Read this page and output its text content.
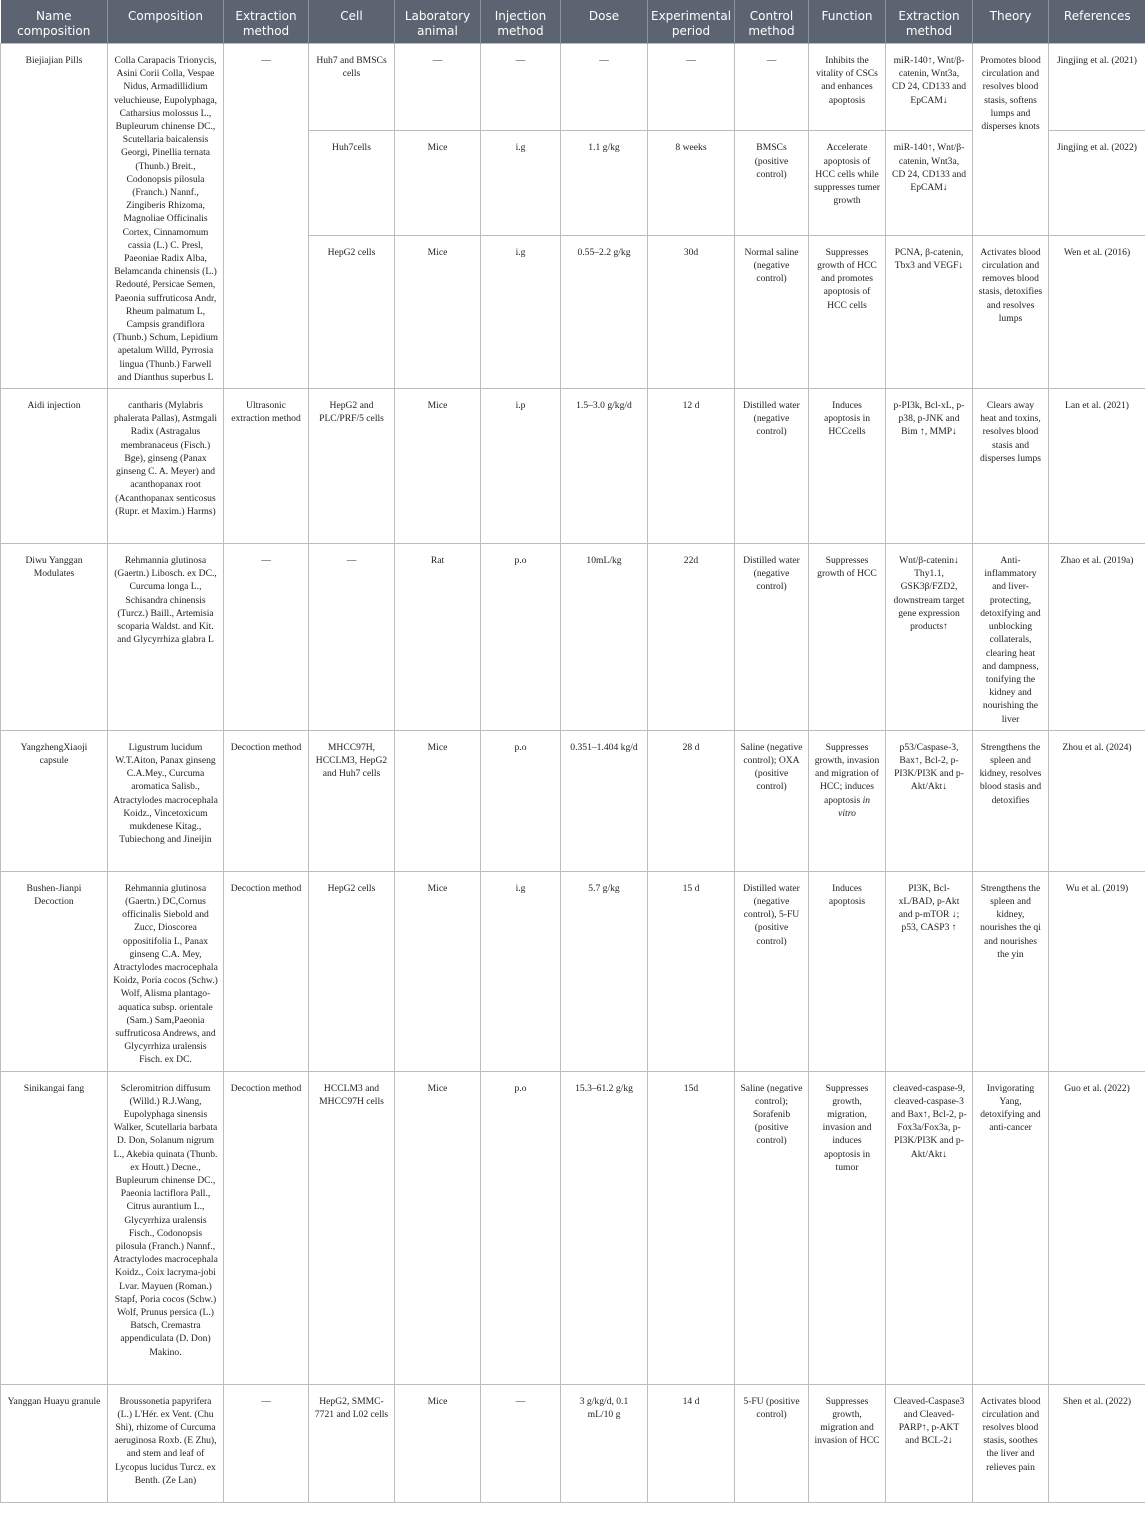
Name composition	Composition	Extraction method	Cell	Laboratory animal	Injection method	Dose	Experimental period	Control method	Function	Extraction method	Theory	References
Biejiajian Pills	Colla Carapacis Trionycis, Asini Corii Colla, Vespae Nidus, Armadillidium veluchieuse, Eupolyphaga, Catharsius molossus L., Bupleurum chinense DC., Scutellaria baicalensis Georgi, Pinellia ternata (Thunb.) Breit., Codonopsis pilosula (Franch.) Nannf., Zingiberis Rhizoma, Magnoliae Officinalis Cortex, Cinnamomum cassia (L.) C. Presl, Paeoniae Radix Alba, Belamcanda chinensis (L.) Redouté, Persicae Semen, Paeonia suffruticosa Andr, Rheum palmatum L, Campsis grandiflora (Thunb.) Schum, Lepidium apetalum Willd, Pyrrosia lingua (Thunb.) Farwell and Dianthus superbus L	—	Huh7 and BMSCs cells	—	—	—	—	—	Inhibits the vitality of CSCs and enhances apoptosis	miR-140↑, Wnt/β-catenin, Wnt3a, CD 24, CD133 and EpCAM↓	Promotes blood circulation and resolves blood stasis, softens lumps and disperses knots	Jingjing et al. (2021)
			Huh7cells	Mice	i.g	1.1 g/kg	8 weeks	BMSCs (positive control)	Accelerate apoptosis of HCC cells while suppresses tumer growth	miR-140↑, Wnt/β-catenin, Wnt3a, CD 24, CD133 and EpCAM↓		Jingjing et al. (2022)
			HepG2 cells	Mice	i.g	0.55–2.2 g/kg	30d	Normal saline (negative control)	Suppresses growth of HCC and promotes apoptosis of HCC cells	PCNA, β-catenin, Tbx3 and VEGF↓	Activates blood circulation and removes blood stasis, detoxifies and resolves lumps	Wen et al. (2016)
Aidi injection	cantharis (Mylabris phalerata Pallas), Astmgali Radix (Astragalus membranaceus (Fisch.) Bge), ginseng (Panax ginseng C. A. Meyer) and acanthopanax root (Acanthopanax senticosus (Rupr. et Maxim.) Harms)	Ultrasonic extraction method	HepG2 and PLC/PRF/5 cells	Mice	i.p	1.5–3.0 g/kg/d	12 d	Distilled water (negative control)	Induces apoptosis in HCCcells	p-PI3k, Bcl-xL, p-p38, p-JNK and Bim ↑, MMP↓	Clears away heat and toxins, resolves blood stasis and disperses lumps	Lan et al. (2021)
Diwu Yanggan Modulates	Rehmannia glutinosa (Gaertn.) Libosch. ex DC., Curcuma longa L., Schisandra chinensis (Turcz.) Baill., Artemisia scoparia Waldst. and Kit. and Glycyrrhiza glabra L	—	—	Rat	p.o	10mL/kg	22d	Distilled water (negative control)	Suppresses growth of HCC	Wnt/β-catenin↓ Thy1.1, GSK3β/FZD2, downstream target gene expression products↑	Anti-inflammatory and liver-protecting, detoxifying and unblocking collaterals, clearing heat and dampness, tonifying the kidney and nourishing the liver	Zhao et al. (2019a)
YangzhengXiaoji capsule	Ligustrum lucidum W.T.Aiton, Panax ginseng C.A.Mey., Curcuma aromatica Salisb., Atractylodes macrocephala Koidz., Vincetoxicum mukdenese Kitag., Tubiechong and Jineijin	Decoction method	MHCC97H, HCCLM3, HepG2 and Huh7 cells	Mice	p.o	0.351–1.404 kg/d	28 d	Saline (negative control); OXA (positive control)	Suppresses growth, invasion and migration of HCC; induces apoptosis in vitro	p53/Caspase-3, Bax↑, Bcl-2, p-PI3K/PI3K and p-Akt/Akt↓	Strengthens the spleen and kidney, resolves blood stasis and detoxifies	Zhou et al. (2024)
Bushen-Jianpi Decoction	Rehmannia glutinosa (Gaertn.) DC,Cornus officinalis Siebold and Zucc, Dioscorea oppositifolia L, Panax ginseng C.A. Mey, Atractylodes macrocephala Koidz, Poria cocos (Schw.) Wolf, Alisma plantago-aquatica subsp. orientale (Sam.) Sam,Paeonia suffruticosa Andrews, and Glycyrrhiza uralensis Fisch. ex DC.	Decoction method	HepG2 cells	Mice	i.g	5.7 g/kg	15 d	Distilled water (negative control), 5-FU (positive control)	Induces apoptosis	PI3K, Bcl-xL/BAD, p-Akt and p-mTOR ↓; p53, CASP3 ↑	Strengthens the spleen and kidney, nourishes the qi and nourishes the yin	Wu et al. (2019)
Sinikangai fang	Scleromitrion diffusum (Willd.) R.J.Wang, Eupolyphaga sinensis Walker, Scutellaria barbata D. Don, Solanum nigrum L., Akebia quinata (Thunb. ex Houtt.) Decne., Bupleurum chinense DC., Paeonia lactiflora Pall., Citrus aurantium L., Glycyrrhiza uralensis Fisch., Codonopsis pilosula (Franch.) Nannf., Atractylodes macrocephala Koidz., Coix lacryma-jobi Lvar. Mayuen (Roman.) Stapf, Poria cocos (Schw.) Wolf, Prunus persica (L.) Batsch, Cremastra appendiculata (D. Don) Makino.	Decoction method	HCCLM3 and MHCC97H cells	Mice	p.o	15.3–61.2 g/kg	15d	Saline (negative control); Sorafenib (positive control)	Suppresses growth, migration, invasion and induces apoptosis in tumor	cleaved-caspase-9, cleaved-caspase-3 and Bax↑, Bcl-2, p-Fox3a/Fox3a, p-PI3K/PI3K and p-Akt/Akt↓	Invigorating Yang, detoxifying and anti-cancer	Guo et al. (2022)
Yanggan Huayu granule	Broussonetia papyrifera (L.) L'Hér. ex Vent. (Chu Shi), rhizome of Curcuma aeruginosa Roxb. (E Zhu), and stem and leaf of Lycopus lucidus Turcz. ex Benth. (Ze Lan)	—	HepG2, SMMC-7721 and L02 cells	Mice	—	3 g/kg/d, 0.1 mL/10 g	14 d	5-FU (positive control)	Suppresses growth, migration and invasion of HCC	Cleaved-Caspase3 and Cleaved-PARP↑, p-AKT and BCL-2↓	Activates blood circulation and resolves blood stasis, soothes the liver and relieves pain	Shen et al. (2022)
